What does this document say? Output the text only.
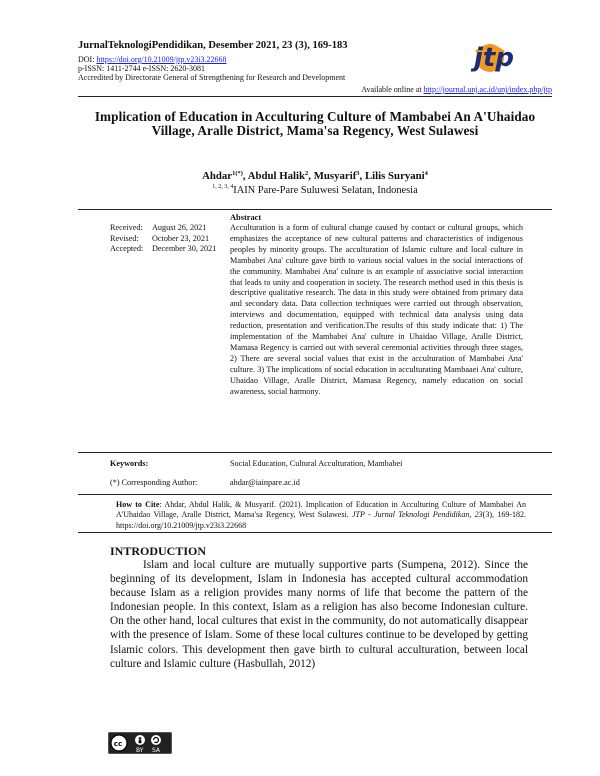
JurnalTeknologiPendidikan, Desember 2021, 23 (3), 169-183
DOI: https://doi.org/10.21009/jtp.v23i3.22668
p-ISSN: 1411-2744 e-ISSN: 2620-3081
Accredited by Directorate General of Strengthening for Research and Development
Available online at http://journal.unj.ac.id/unj/index.php/jtp
jtp
Implication of Education in Acculturing Culture of Mambabei An A'Uhaidao Village, Aralle District, Mama'sa Regency, West Sulawesi
Ahdar$^{1(*)}$, Abdul Halik$^2$, Musyarif$^3$, Lilis Suryani$^4$
$^{1, 2, 3, 4}$IAIN Pare-Pare Suluwesi Selatan, Indonesia
Received: August 26, 2021
Revised: October 23, 2021
Accepted: December 30, 2021
Abstract
Acculturation is a form of cultural change caused by contact or cultural groups, which emphasizes the acceptance of new cultural patterns and characteristics of indigenous peoples by minority groups. The acculturation of Islamic culture and local culture in Mambabei Ana' culture gave birth to various social values in the social interactions of the community. Mambabei Ana' culture is an example of associative social interaction that leads to unity and cooperation in society. The research method used in this thesis is descriptive qualitative research. The data in this study were obtained from primary data and secondary data. Data collection techniques were carried out through observation, interviews and documentation, equipped with technical data analysis using data reduction, presentation and verification.The results of this study indicate that: 1) The implementation of the Mambabei Ana' culture in Uhaidao Village, Aralle District, Mamasa Regency is carried out with several ceremonial activities through three stages, 2) There are several social values that exist in the acculturation of Mambabei Ana' culture. 3) The implications of social education in acculturating Mambaaei Ana' culture, Uhaidao Village, Aralle District, Mamasa Regency, namely education on social awareness, social harmony.
Keywords:	Social Education, Cultural Acculturation, Mambabei
(*) Corresponding Author:	ahdar@iainpare.ac.id
How to Cite: Ahdar, Abdul Halik, & Musyarif. (2021). Implication of Education in Acculturing Culture of Mambabei An A'Uhaidao Village, Aralle District, Mama'sa Regency, West Sulawesi. JTP - Jurnal Teknologi Pendidikan, 23(3), 169-182. https://doi.org/10.21009/jtp.v23i3.22668
INTRODUCTION
Islam and local culture are mutually supportive parts (Sumpena, 2012). Since the beginning of its development, Islam in Indonesia has accepted cultural accommodation because Islam as a religion provides many norms of life that become the pattern of the Indonesian people. In this context, Islam as a religion has also become Indonesian culture. On the other hand, local cultures that exist in the community, do not automatically disappear with the presence of Islam. Some of these local cultures continue to be developed by getting Islamic colors. This development then gave birth to cultural acculturation, between local culture and Islamic culture (Hasbullah, 2012)
cc
BY SA
